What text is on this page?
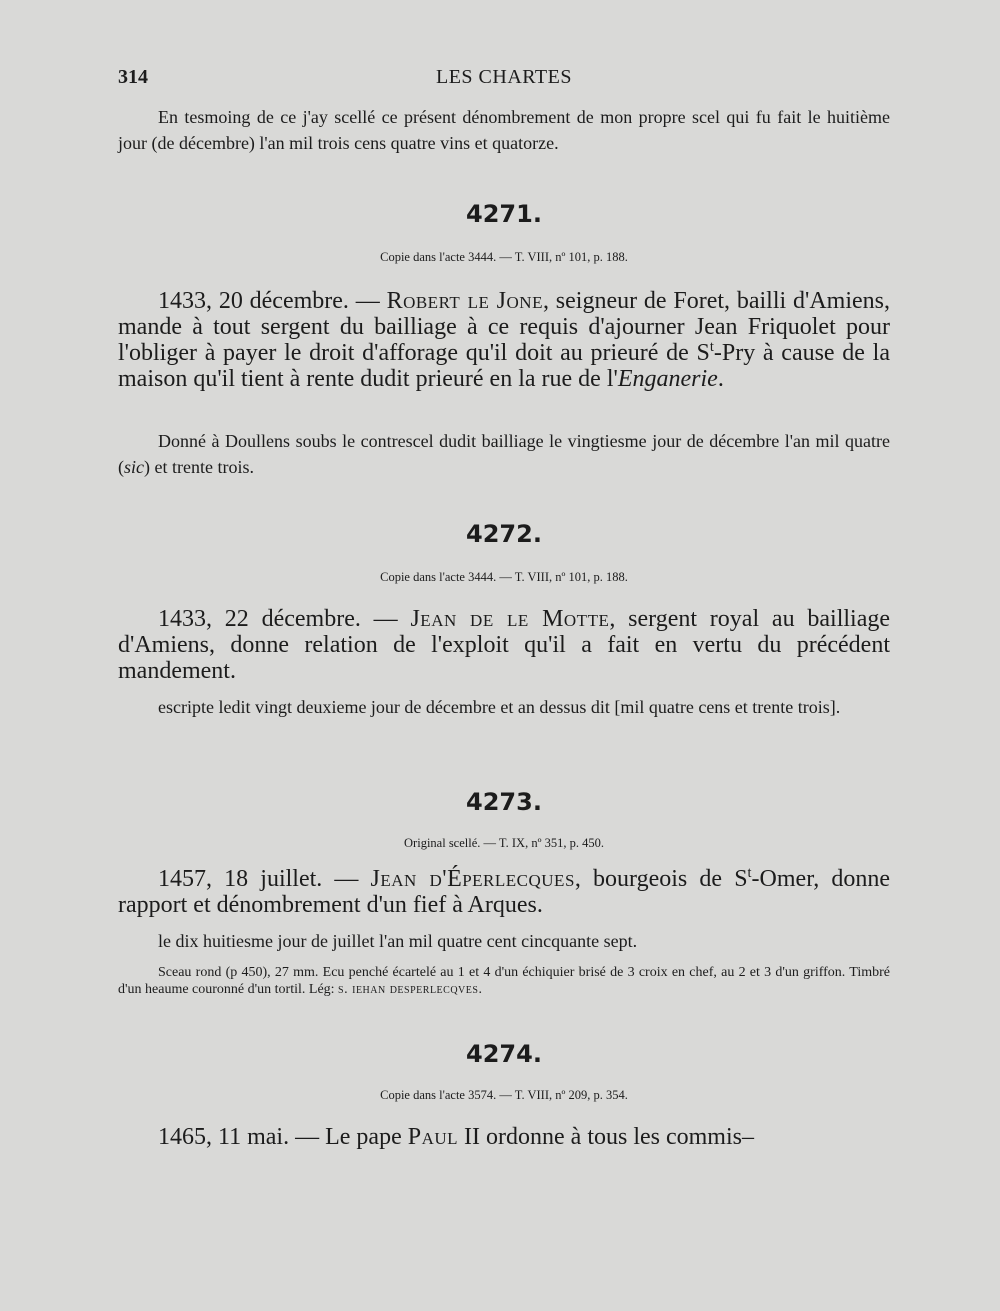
314	LES CHARTES

En tesmoing de ce j'ay scellé ce présent dénombrement de mon propre scel qui fu fait le huitième jour (de décembre) l'an mil trois cens quatre vins et quatorze.

4271.
Copie dans l'acte 3444. — T. VIII, nº 101, p. 188.

1433, 20 décembre. — Robert le Jone, seigneur de Foret, bailli d'Amiens, mande à tout sergent du bailliage à ce requis d'ajourner Jean Friquolet pour l'obliger à payer le droit d'afforage qu'il doit au prieuré de $S^t$-Pry à cause de la maison qu'il tient à rente dudit prieuré en la rue de l'Enganerie.

Donné à Doullens soubs le contrescel dudit bailliage le vingtiesme jour de décembre l'an mil quatre (sic) et trente trois.

4272.
Copie dans l'acte 3444. — T. VIII, nº 101, p. 188.

1433, 22 décembre. — Jean de le Motte, sergent royal au bailliage d'Amiens, donne relation de l'exploit qu'il a fait en vertu du précédent mandement.

escripte ledit vingt deuxieme jour de décembre et an dessus dit [mil quatre cens et trente trois].

4273.
Original scellé. — T. IX, nº 351, p. 450.

1457, 18 juillet. — Jean d'Éperlecques, bourgeois de $S^t$-Omer, donne rapport et dénombrement d'un fief à Arques.

le dix huitiesme jour de juillet l'an mil quatre cent cincquante sept.

Sceau rond (p 450), 27 mm. Ecu penché écartelé au 1 et 4 d'un échiquier brisé de 3 croix en chef, au 2 et 3 d'un griffon. Timbré d'un heaume couronné d'un tortil. Lég: s. iehan desperlecqves.

4274.
Copie dans l'acte 3574. — T. VIII, nº 209, p. 354.

1465, 11 mai. — Le pape Paul II ordonne à tous les commis–
